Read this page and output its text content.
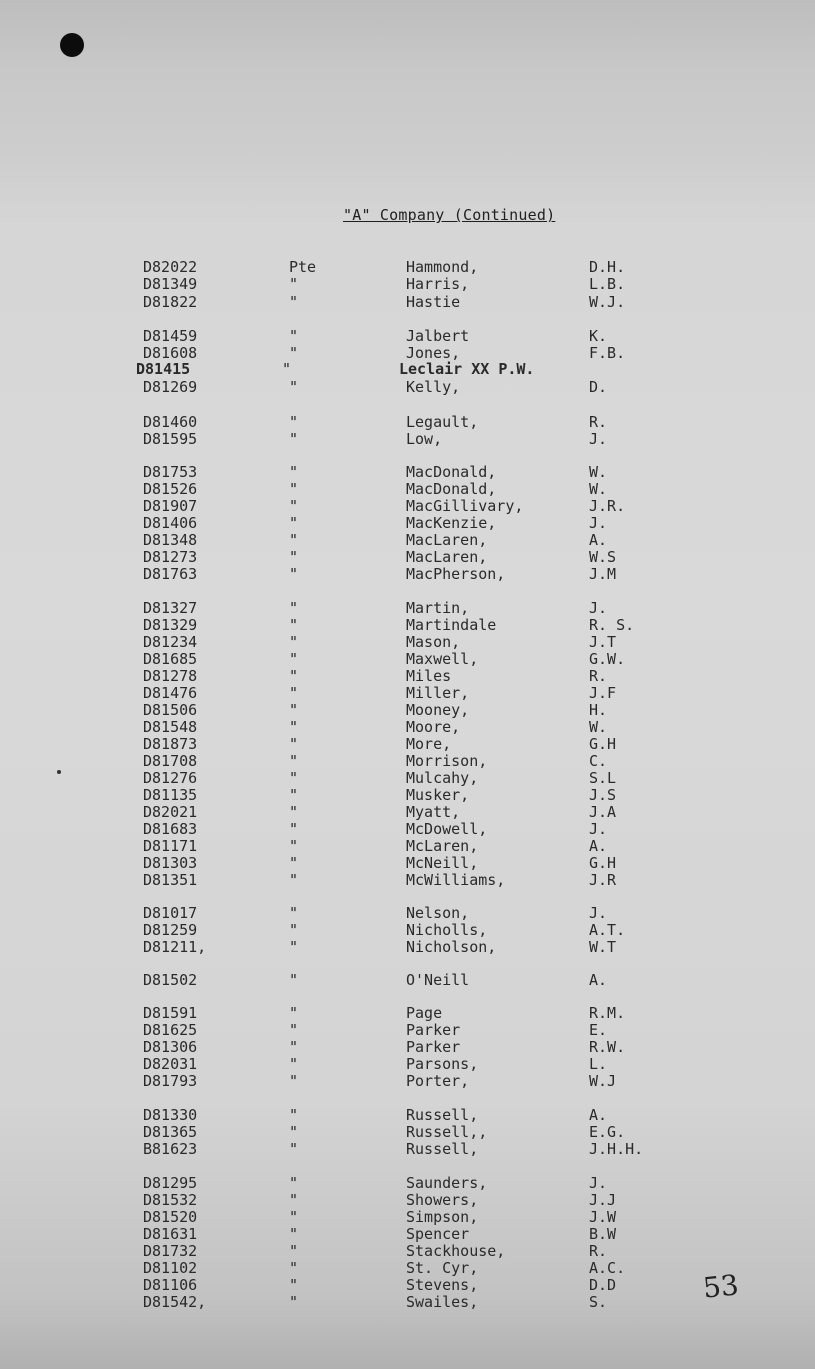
"A" Company (Continued)
D82022	Pte	Hammond,	D.H.
D81349	"	Harris,	L.B.
D81822	"	Hastie	W.J.
D81459	"	Jalbert	K.
D81608	"	Jones,	F.B.
D81415	"	Leclair XX P.W.
D81269	"	Kelly,	D.
D81460	"	Legault,	R.
D81595	"	Low,	J.
D81753	"	MacDonald,	W.
D81526	"	MacDonald,	W.
D81907	"	MacGillivary,	J.R.
D81406	"	MacKenzie,	J.
D81348	"	MacLaren,	A.
D81273	"	MacLaren,	W.S
D81763	"	MacPherson,	J.M
D81327	"	Martin,	J.
D81329	"	Martindale	R. S.
D81234	"	Mason,	J.T
D81685	"	Maxwell,	G.W.
D81278	"	Miles	R.
D81476	"	Miller,	J.F
D81506	"	Mooney,	H.
D81548	"	Moore,	W.
D81873	"	More,	G.H
D81708	"	Morrison,	C.
D81276	"	Mulcahy,	S.L
D81135	"	Musker,	J.S
D82021	"	Myatt,	J.A
D81683	"	McDowell,	J.
D81171	"	McLaren,	A.
D81303	"	McNeill,	G.H
D81351	"	McWilliams,	J.R
D81017	"	Nelson,	J.
D81259	"	Nicholls,	A.T.
D81211,	"	Nicholson,	W.T
D81502	"	O'Neill	A.
D81591	"	Page	R.M.
D81625	"	Parker	E.
D81306	"	Parker	R.W.
D82031	"	Parsons,	L.
D81793	"	Porter,	W.J
D81330	"	Russell,	A.
D81365	"	Russell,,	E.G.
B81623	"	Russell,	J.H.H.
D81295	"	Saunders,	J.
D81532	"	Showers,	J.J
D81520	"	Simpson,	J.W
D81631	"	Spencer	B.W
D81732	"	Stackhouse,	R.
D81102	"	St. Cyr,	A.C.
D81106	"	Stevens,	D.D
D81542,	"	Swailes,	S.	53
